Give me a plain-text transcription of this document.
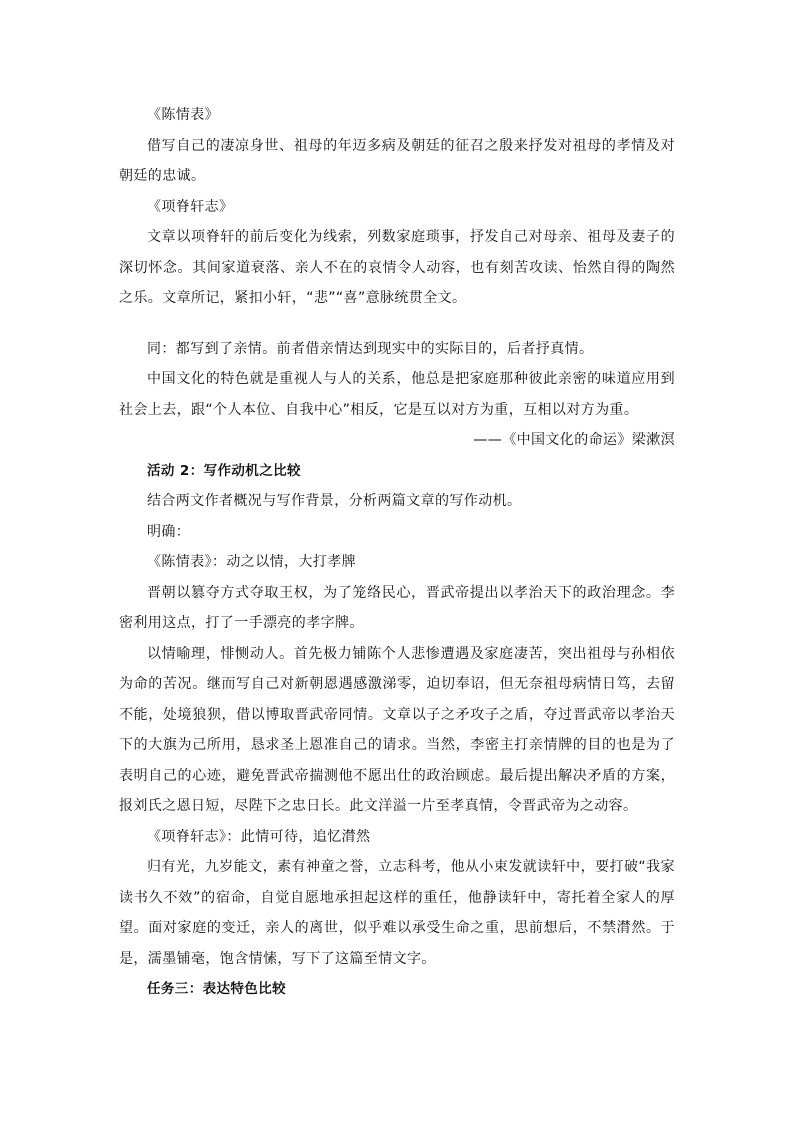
《陈情表》

借写自己的凄凉身世、祖母的年迈多病及朝廷的征召之殷来抒发对祖母的孝情及对朝廷的忠诚。

《项脊轩志》

文章以项脊轩的前后变化为线索，列数家庭琐事，抒发自己对母亲、祖母及妻子的深切怀念。其间家道衰落、亲人不在的哀情令人动容，也有刻苦攻读、怡然自得的陶然之乐。文章所记，紧扣小轩，“悲”“喜”意脉统贯全文。

同：都写到了亲情。前者借亲情达到现实中的实际目的，后者抒真情。

中国文化的特色就是重视人与人的关系，他总是把家庭那种彼此亲密的味道应用到社会上去，跟“个人本位、自我中心”相反，它是互以对方为重，互相以对方为重。

——《中国文化的命运》梁漱溟

活动 2：写作动机之比较

结合两文作者概况与写作背景，分析两篇文章的写作动机。

明确：

《陈情表》：动之以情，大打孝牌

晋朝以篡夺方式夺取王权，为了笼络民心，晋武帝提出以孝治天下的政治理念。李密利用这点，打了一手漂亮的孝字牌。

以情喻理，悱恻动人。首先极力铺陈个人悲惨遭遇及家庭凄苦，突出祖母与孙相依为命的苦况。继而写自己对新朝恩遇感激涕零，迫切奉诏，但无奈祖母病情日笃，去留不能，处境狼狈，借以博取晋武帝同情。文章以子之矛攻子之盾，夺过晋武帝以孝治天下的大旗为己所用，恳求圣上恩准自己的请求。当然，李密主打亲情牌的目的也是为了表明自己的心迹，避免晋武帝揣测他不愿出仕的政治顾虑。最后提出解决矛盾的方案，报刘氏之恩日短，尽陛下之忠日长。此文洋溢一片至孝真情，令晋武帝为之动容。

《项脊轩志》：此情可待，追忆潸然

归有光，九岁能文，素有神童之誉，立志科考，他从小束发就读轩中，要打破“我家读书久不效”的宿命，自觉自愿地承担起这样的重任，他静读轩中，寄托着全家人的厚望。面对家庭的变迁，亲人的离世，似乎难以承受生命之重，思前想后，不禁潸然。于是，濡墨铺毫，饱含情愫，写下了这篇至情文字。

任务三：表达特色比较
